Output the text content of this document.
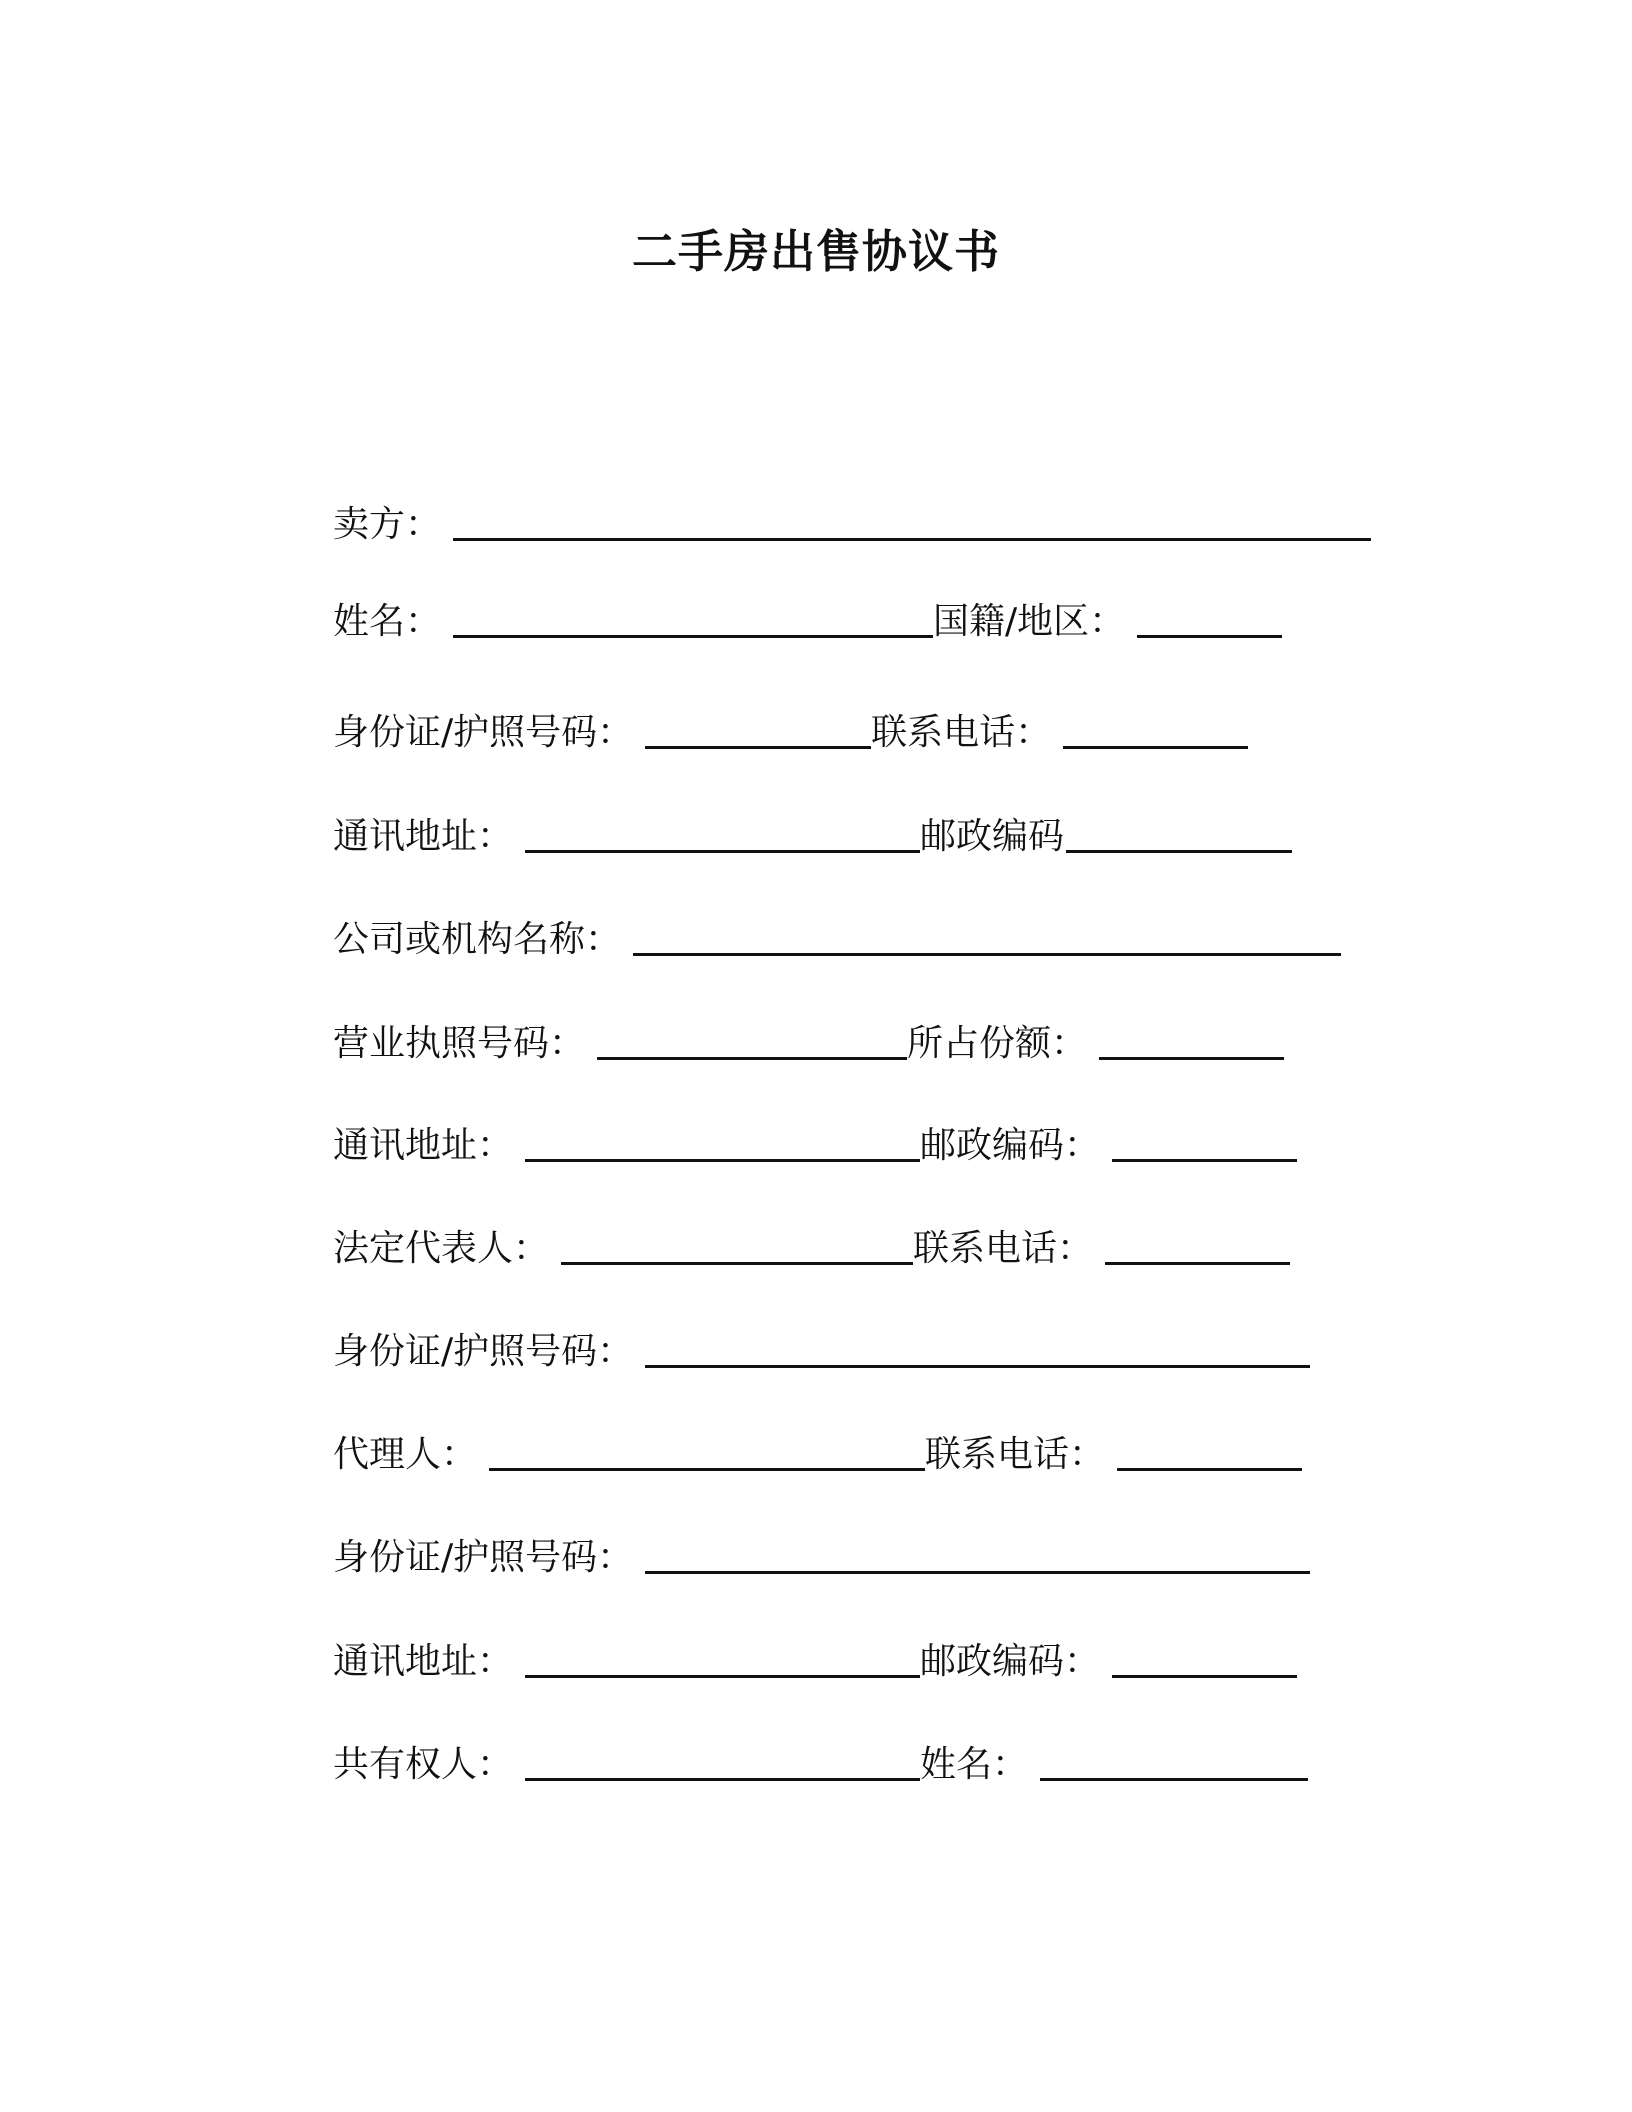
二手房出售协议书
卖方：
姓名：	国籍/地区：
身份证/护照号码：	联系电话：
通讯地址：	邮政编码
公司或机构名称：
营业执照号码：	所占份额：
通讯地址：	邮政编码：
法定代表人：	联系电话：
身份证/护照号码：
代理人：	联系电话：
身份证/护照号码：
通讯地址：	邮政编码：
共有权人：	姓名：
